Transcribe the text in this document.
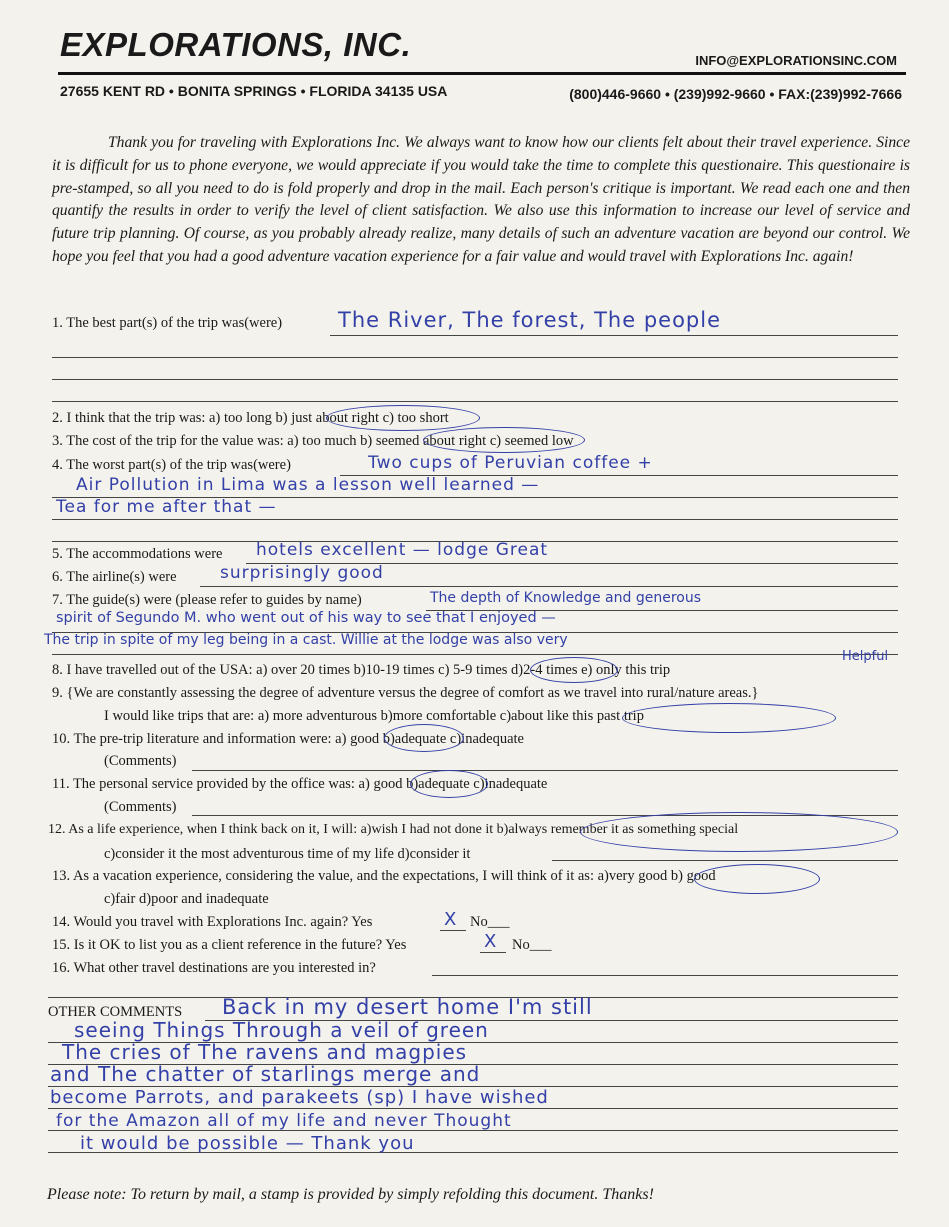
EXPLORATIONS, INC.	INFO@EXPLORATIONSINC.COM
27655 KENT RD • BONITA SPRINGS • FLORIDA 34135 USA	(800)446-9660 • (239)992-9660 • FAX:(239)992-7666
Thank you for traveling with Explorations Inc. We always want to know how our clients felt about their travel experience. Since it is difficult for us to phone everyone, we would appreciate if you would take the time to complete this questionaire. This questionaire is pre-stamped, so all you need to do is fold properly and drop in the mail. Each person's critique is important. We read each one and then quantify the results in order to verify the level of client satisfaction. We also use this information to increase our level of service and future trip planning. Of course, as you probably already realize, many details of such an adventure vacation are beyond our control. We hope you feel that you had a good adventure vacation experience for a fair value and would travel with Explorations Inc. again!
1. The best part(s) of the trip was(were)	The River, The forest, The people
2. I think that the trip was: a) too long b) just about right c) too short
3. The cost of the trip for the value was: a) too much b) seemed about right c) seemed low
4. The worst part(s) of the trip was(were)	Two cups of Peruvian coffee +
Air Pollution in Lima was a lesson well learned —
Tea for me after that —
5. The accommodations were hotels excellent — lodge Great
6. The airline(s) were	surprisingly good
7. The guide(s) were (please refer to guides by name)	The depth of Knowledge and generous
spirit of Segundo M. who went out of his way to see that I enjoyed —
The trip in spite of my leg being in a cast. Willie at the lodge was also very
Helpful
8. I have travelled out of the USA: a) over 20 times b)10-19 times c) 5-9 times d)2-4 times e) only this trip
9. {We are constantly assessing the degree of adventure versus the degree of comfort as we travel into rural/nature areas.}
I would like trips that are: a) more adventurous b)more comfortable c)about like this past trip
10. The pre-trip literature and information were: a) good b)adequate c)inadequate
(Comments)
11. The personal service provided by the office was: a) good b)adequate c)inadequate
(Comments)
12. As a life experience, when I think back on it, I will: a)wish I had not done it b)always remember it as something special
c)consider it the most adventurous time of my life d)consider it
13. As a vacation experience, considering the value, and the expectations, I will think of it as: a)very good b) good
c)fair d)poor and inadequate
14. Would you travel with Explorations Inc. again? Yes	X No___
15. Is it OK to list you as a client reference in the future? Yes	X No___
16. What other travel destinations are you interested in?
OTHER COMMENTS Back in my desert home I'm still
seeing Things Through a veil of green
The cries of The ravens and magpies
and The chatter of starlings merge and
become Parrots, and parakeets (sp) I have wished
for the Amazon all of my life and never Thought
it would be possible — Thank you
Please note: To return by mail, a stamp is provided by simply refolding this document. Thanks!
